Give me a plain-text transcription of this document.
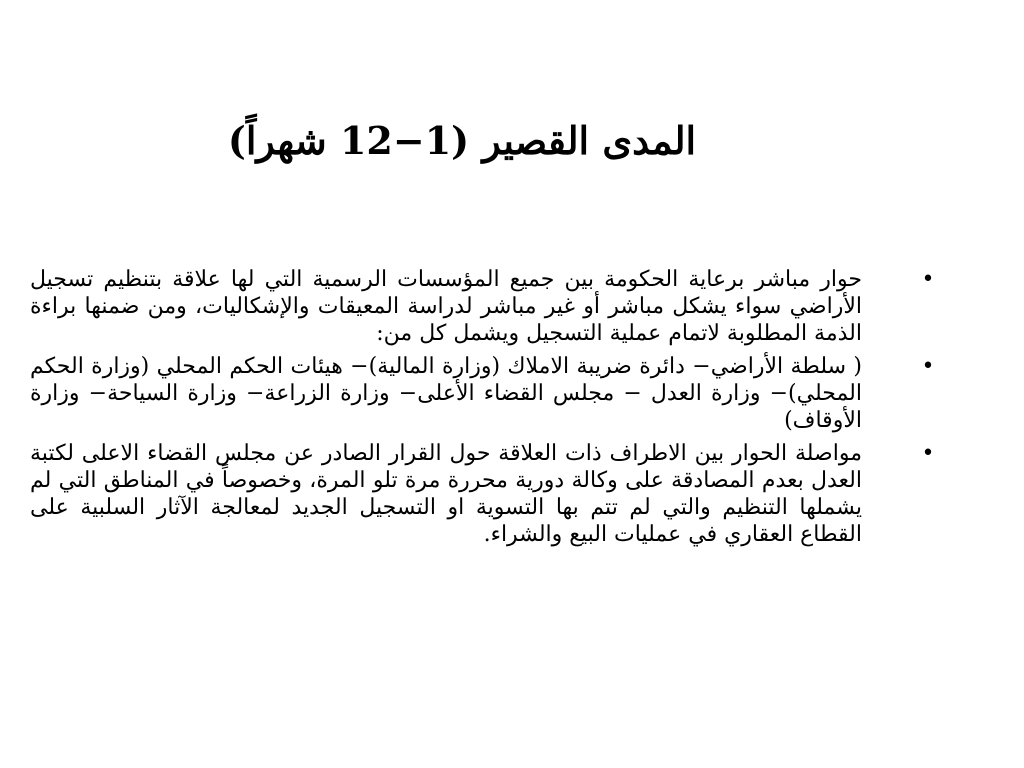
المدى القصير (1−12 شهراً)
•
حوار مباشر برعاية الحكومة بين جميع المؤسسات الرسمية التي لها علاقة بتنظيم تسجيل الأراضي سواء يشكل مباشر أو غير مباشر لدراسة المعيقات والإشكاليات، ومن ضمنها براءة الذمة المطلوبة لاتمام عملية التسجيل ويشمل كل من:
•
( سلطة الأراضي− دائرة ضريبة الاملاك (وزارة المالية)− هيئات الحكم المحلي (وزارة الحكم المحلي)− وزارة العدل − مجلس القضاء الأعلى− وزارة الزراعة− وزارة السياحة− وزارة الأوقاف)
•
مواصلة الحوار بين الاطراف ذات العلاقة حول القرار الصادر عن مجلس القضاء الاعلى لكتبة العدل بعدم المصادقة على وكالة دورية محررة مرة تلو المرة، وخصوصاً في المناطق التي لم يشملها التنظيم والتي لم تتم بها التسوية او التسجيل الجديد لمعالجة الآثار السلبية على القطاع العقاري في عمليات البيع والشراء.
